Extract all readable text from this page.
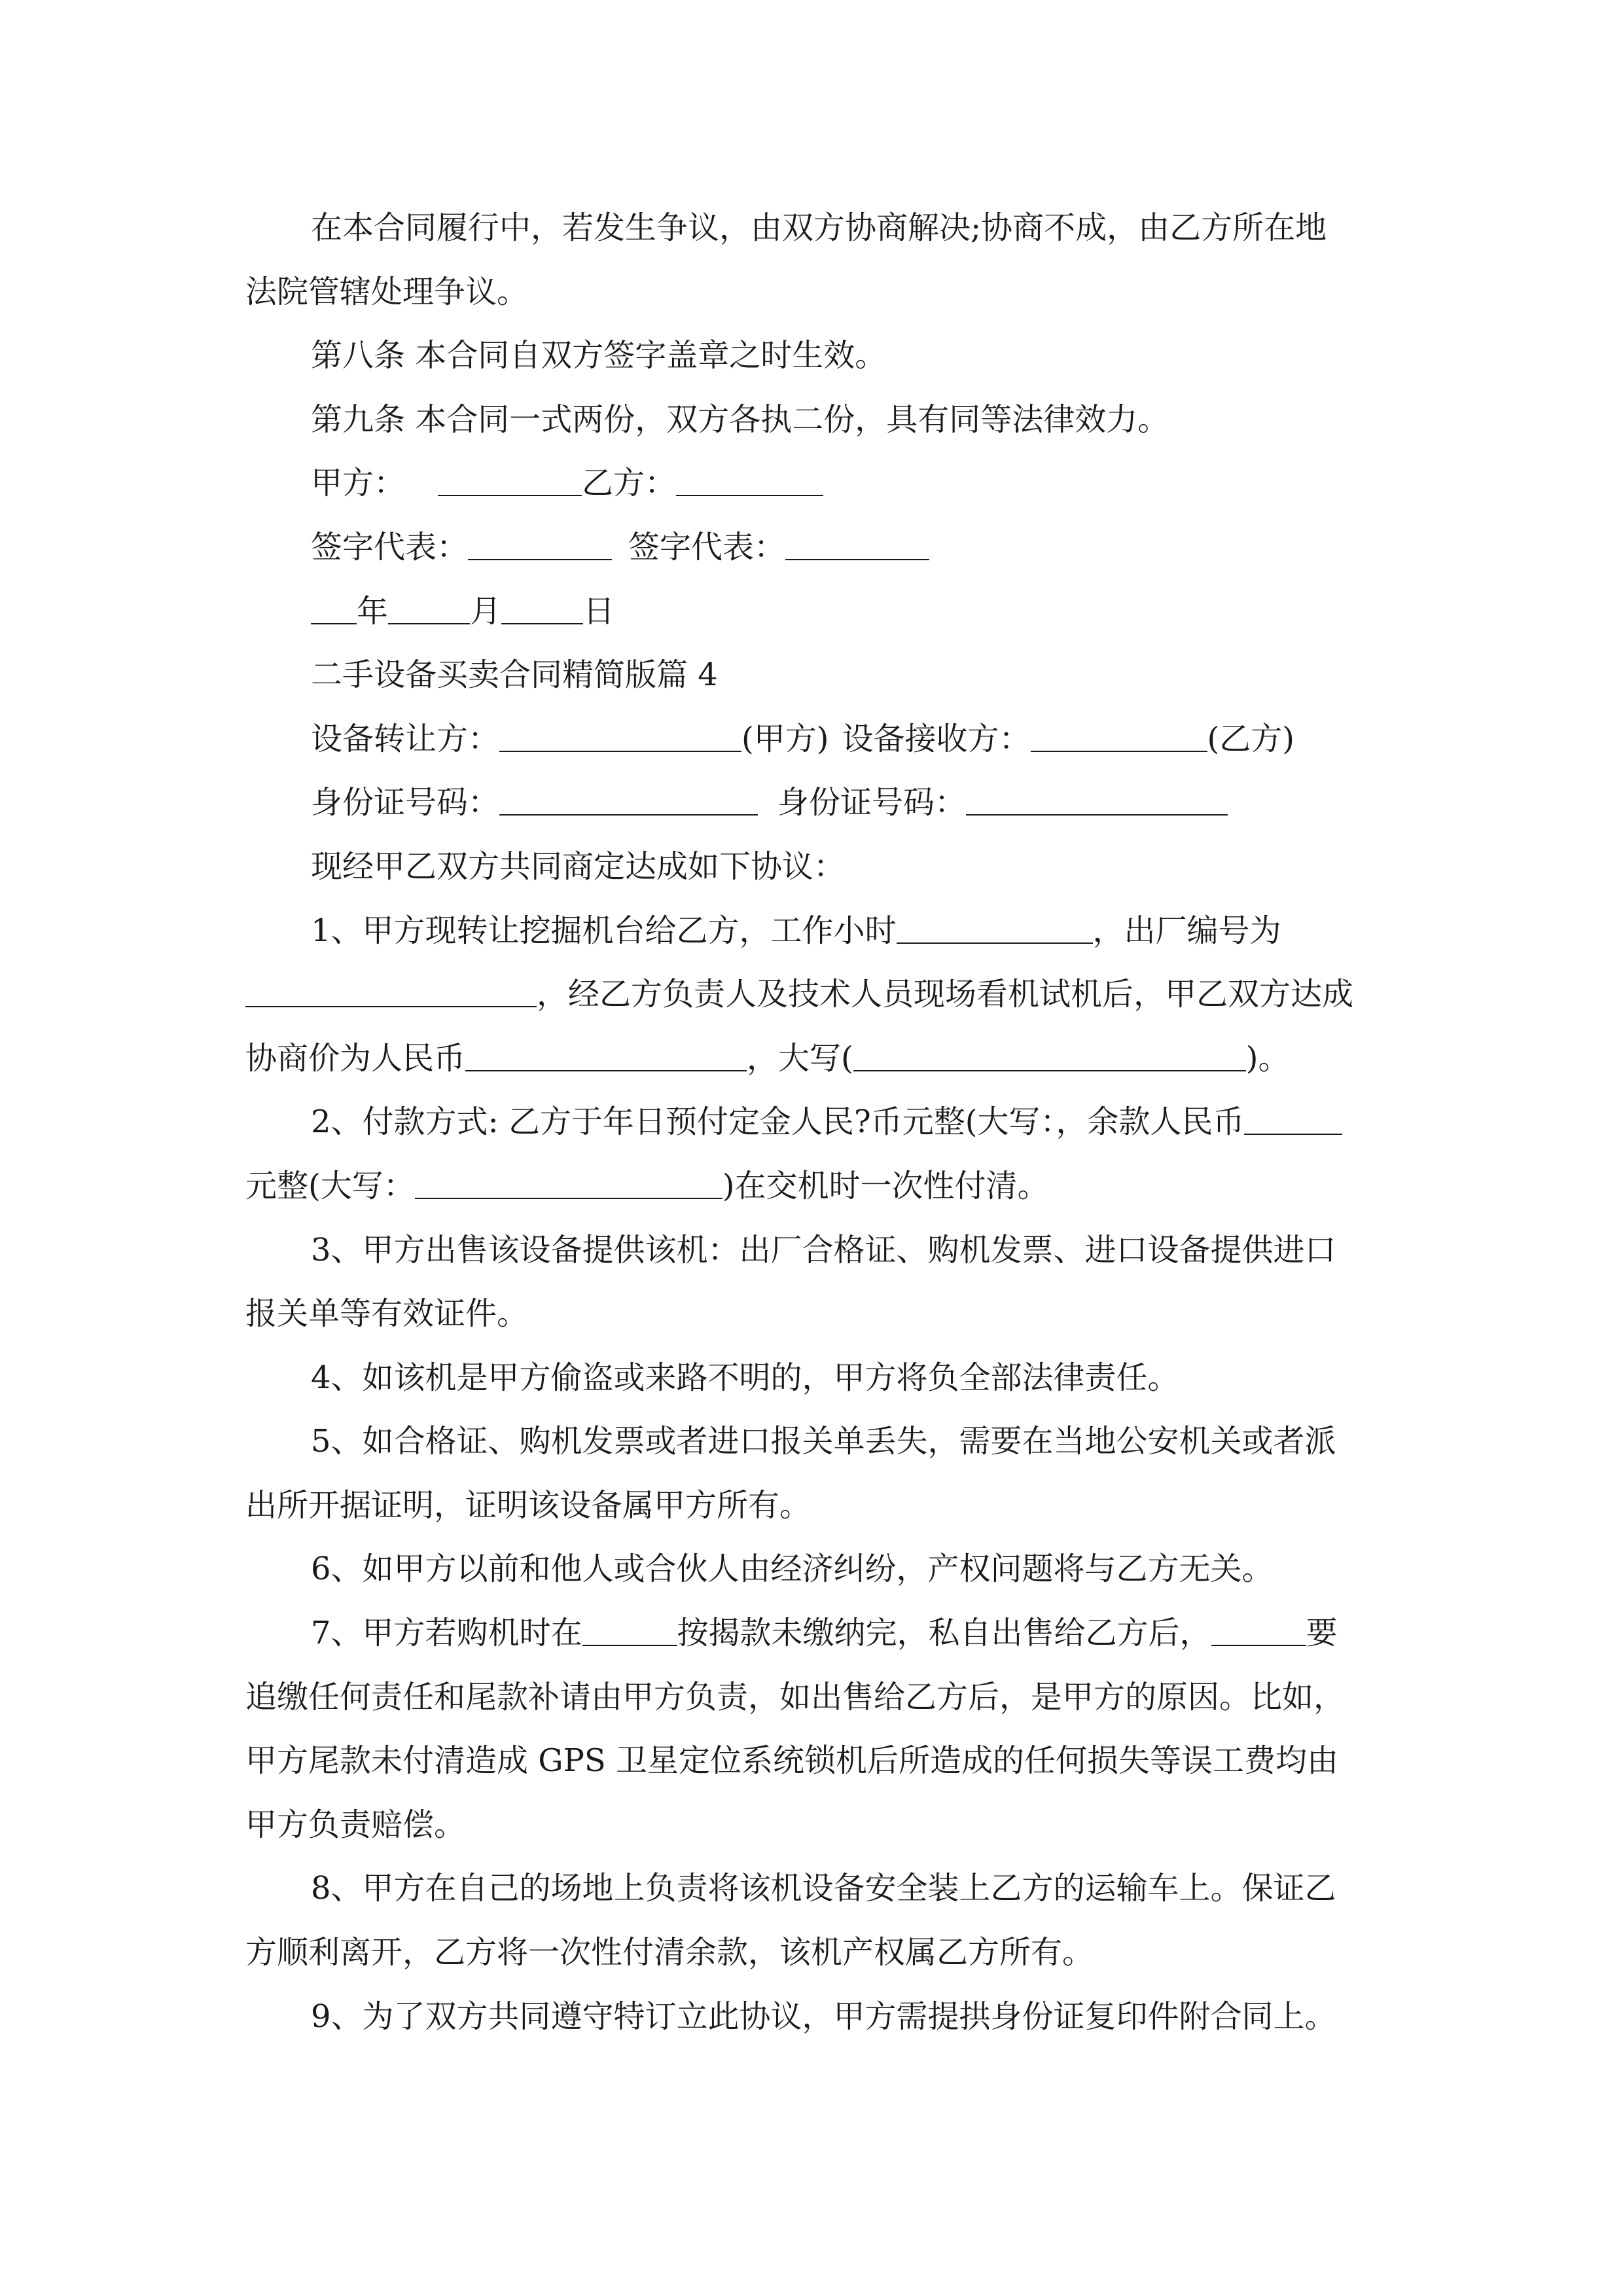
在本合同履行中，若发生争议，由双方协商解决;协商不成，由乙方所在地
法院管辖处理争议。
第八条 本合同自双方签字盖章之时生效。
第九条 本合同一式两份，双方各执二份，具有同等法律效力。
甲方：	乙方：
签字代表：	签字代表：
年	月	日
二手设备买卖合同精简版篇 4
设备转让方：	(甲方) 设备接收方：	(乙方)
身份证号码：	身份证号码：
现经甲乙双方共同商定达成如下协议：
1、甲方现转让挖掘机台给乙方，工作小时	，出厂编号为
，经乙方负责人及技术人员现场看机试机后，甲乙双方达成
协商价为人民币	，大写(	)。
2、付款方式: 乙方于年日预付定金人民?币元整(大写：，余款人民币
元整(大写：	)在交机时一次性付清。
3、甲方出售该设备提供该机：出厂合格证、购机发票、进口设备提供进口
报关单等有效证件。
4、如该机是甲方偷盗或来路不明的，甲方将负全部法律责任。
5、如合格证、购机发票或者进口报关单丢失，需要在当地公安机关或者派
出所开据证明，证明该设备属甲方所有。
6、如甲方以前和他人或合伙人由经济纠纷，产权问题将与乙方无关。
7、甲方若购机时在	按揭款未缴纳完，私自出售给乙方后，	要
追缴任何责任和尾款补请由甲方负责，如出售给乙方后，是甲方的原因。比如，
甲方尾款未付清造成 GPS 卫星定位系统锁机后所造成的任何损失等误工费均由
甲方负责赔偿。
8、甲方在自己的场地上负责将该机设备安全装上乙方的运输车上。保证乙
方顺利离开，乙方将一次性付清余款，该机产权属乙方所有。
9、为了双方共同遵守特订立此协议，甲方需提拱身份证复印件附合同上。
